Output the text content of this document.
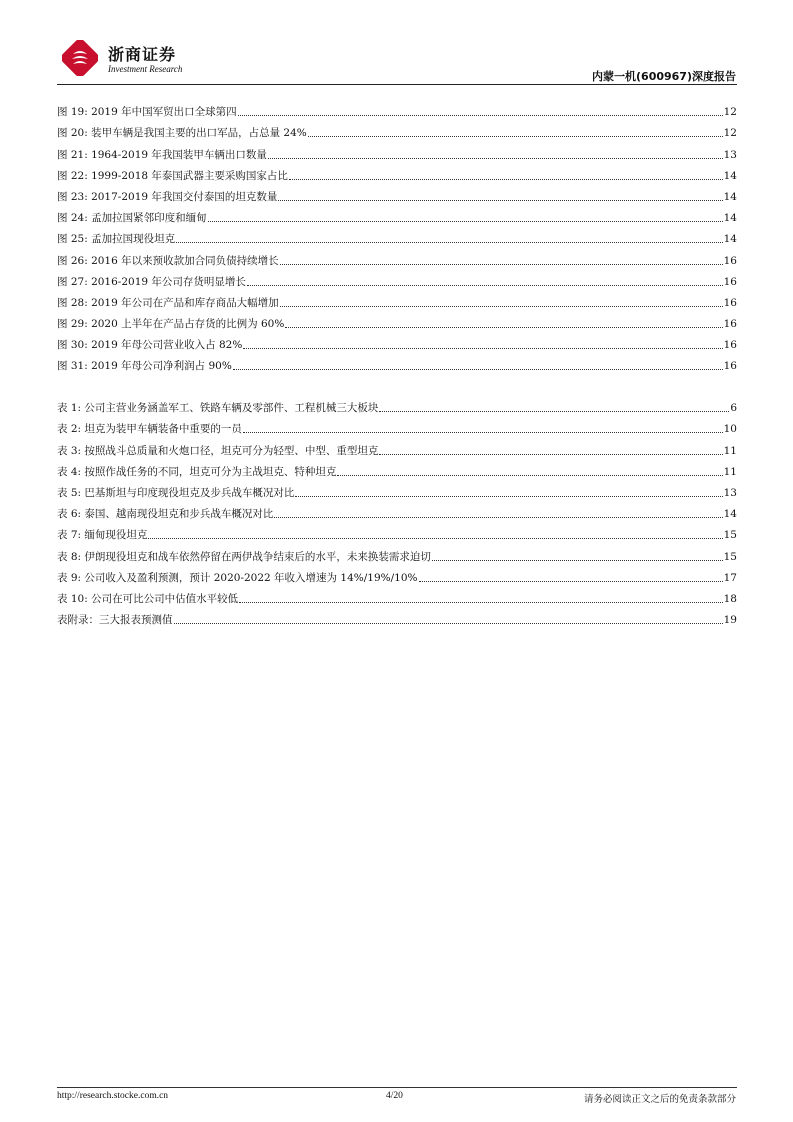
浙商证券
Investment Research
内蒙一机(600967)深度报告
图 19: 2019 年中国军贸出口全球第四	12
图 20: 装甲车辆是我国主要的出口军品，占总量 24%	12
图 21: 1964-2019 年我国装甲车辆出口数量	13
图 22: 1999-2018 年泰国武器主要采购国家占比	14
图 23: 2017-2019 年我国交付泰国的坦克数量	14
图 24: 孟加拉国紧邻印度和缅甸	14
图 25: 孟加拉国现役坦克	14
图 26: 2016 年以来预收款加合同负债持续增长	16
图 27: 2016-2019 年公司存货明显增长	16
图 28: 2019 年公司在产品和库存商品大幅增加	16
图 29: 2020 上半年在产品占存货的比例为 60%	16
图 30: 2019 年母公司营业收入占 82%	16
图 31: 2019 年母公司净利润占 90%	16
表 1: 公司主营业务涵盖军工、铁路车辆及零部件、工程机械三大板块	6
表 2: 坦克为装甲车辆装备中重要的一员	10
表 3: 按照战斗总质量和火炮口径，坦克可分为轻型、中型、重型坦克	11
表 4: 按照作战任务的不同，坦克可分为主战坦克、特种坦克	11
表 5: 巴基斯坦与印度现役坦克及步兵战车概况对比	13
表 6: 泰国、越南现役坦克和步兵战车概况对比	14
表 7: 缅甸现役坦克	15
表 8: 伊朗现役坦克和战车依然停留在两伊战争结束后的水平，未来换装需求迫切	15
表 9: 公司收入及盈利预测，预计 2020-2022 年收入增速为 14%/19%/10%	17
表 10: 公司在可比公司中估值水平较低	18
表附录：三大报表预测值	19
http://research.stocke.com.cn	4/20	请务必阅读正文之后的免责条款部分
